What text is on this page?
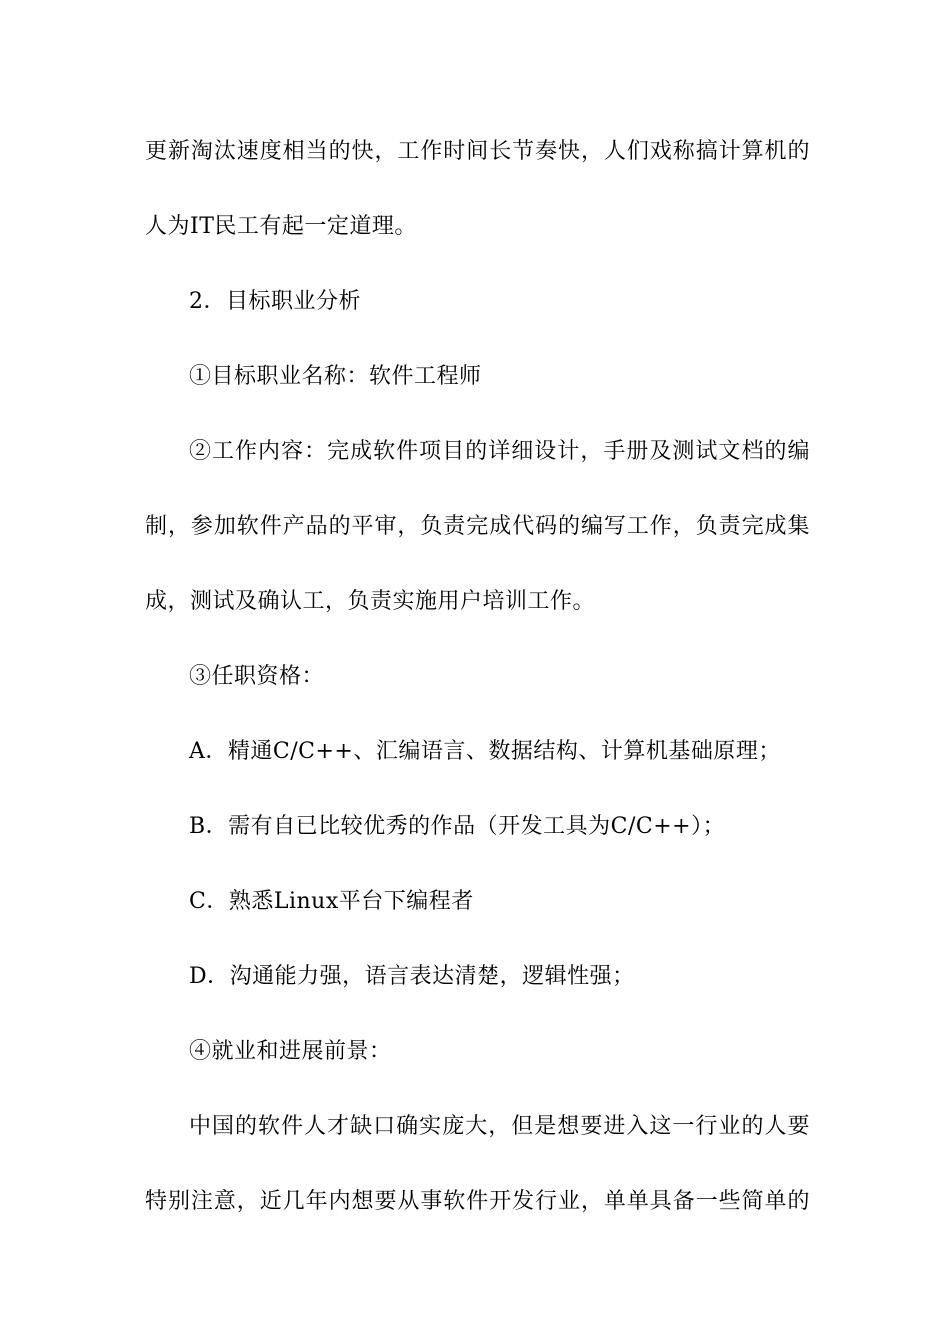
更新淘汰速度相当的快，工作时间长节奏快，人们戏称搞计算机的
人为IT民工有起一定道理。
2．目标职业分析
①目标职业名称：软件工程师
②工作内容：完成软件项目的详细设计，手册及测试文档的编
制，参加软件产品的平审，负责完成代码的编写工作，负责完成集
成，测试及确认工，负责实施用户培训工作。
③任职资格：
A．精通C/C++、汇编语言、数据结构、计算机基础原理；
B．需有自已比较优秀的作品（开发工具为C/C++）；
C．熟悉Linux平台下编程者
D．沟通能力强，语言表达清楚，逻辑性强；
④就业和进展前景：
中国的软件人才缺口确实庞大，但是想要进入这一行业的人要
特别注意，近几年内想要从事软件开发行业，单单具备一些简单的
